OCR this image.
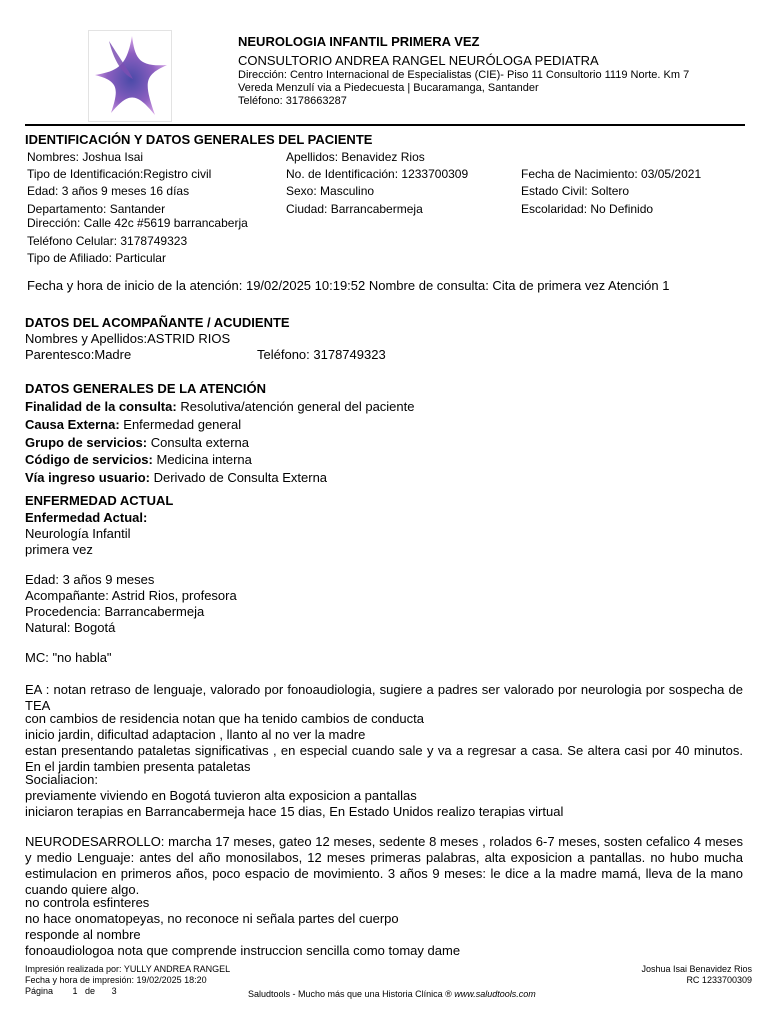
NEUROLOGIA INFANTIL PRIMERA VEZ
CONSULTORIO ANDREA RANGEL NEURÓLOGA PEDIATRA
Dirección: Centro Internacional de Especialistas (CIE)- Piso 11 Consultorio 1119 Norte. Km 7
Vereda Menzulí via a Piedecuesta | Bucaramanga, Santander
Teléfono: 3178663287
IDENTIFICACIÓN Y DATOS GENERALES DEL PACIENTE
Nombres: Joshua Isai	Apellidos: Benavidez Rios
Tipo de Identificación:Registro civil	No. de Identificación: 1233700309	Fecha de Nacimiento: 03/05/2021
Edad: 3 años 9 meses 16 días	Sexo: Masculino	Estado Civil: Soltero
Departamento: Santander	Ciudad: Barrancabermeja	Escolaridad: No Definido
Dirección: Calle 42c #5619 barrancaberja
Teléfono Celular: 3178749323
Tipo de Afiliado: Particular
Fecha y hora de inicio de la atención: 19/02/2025 10:19:52 Nombre de consulta: Cita de primera vez Atención 1
DATOS DEL ACOMPAÑANTE / ACUDIENTE
Nombres y Apellidos:ASTRID RIOS
Parentesco:Madre	Teléfono: 3178749323
DATOS GENERALES DE LA ATENCIÓN
Finalidad de la consulta: Resolutiva/atención general del paciente
Causa Externa: Enfermedad general
Grupo de servicios: Consulta externa
Código de servicios: Medicina interna
Vía ingreso usuario: Derivado de Consulta Externa
ENFERMEDAD ACTUAL
Enfermedad Actual:
Neurología Infantil
primera vez
Edad: 3 años 9 meses
Acompañante: Astrid Rios, profesora
Procedencia: Barrancabermeja
Natural: Bogotá
MC: "no habla"
EA : notan retraso de lenguaje, valorado por fonoaudiologia, sugiere a padres ser valorado por neurologia por sospecha de TEA
con cambios de residencia notan que ha tenido cambios de conducta
inicio jardin, dificultad adaptacion , llanto al no ver la madre
estan presentando pataletas significativas , en especial cuando sale y va a regresar a casa. Se altera casi por 40 minutos. En el jardin tambien presenta pataletas
Socialiacion:
previamente viviendo en Bogotá tuvieron alta exposicion a pantallas
iniciaron terapias en Barrancabermeja hace 15 dias, En Estado Unidos realizo terapias virtual
NEURODESARROLLO: marcha 17 meses, gateo 12 meses, sedente 8 meses , rolados 6-7 meses, sosten cefalico 4 meses y medio Lenguaje: antes del año monosilabos, 12 meses primeras palabras, alta exposicion a pantallas. no hubo mucha estimulacion en primeros años, poco espacio de movimiento. 3 años 9 meses: le dice a la madre mamá, lleva de la mano cuando quiere algo.
no controla esfinteres
no hace onomatopeyas, no reconoce ni señala partes del cuerpo
responde al nombre
fonoaudiologoa nota que comprende instruccion sencilla como tomay dame
Impresión realizada por: YULLY ANDREA RANGEL
Fecha y hora de impresión: 19/02/2025 18:20
Página 1 de 3
Joshua Isai Benavidez Rios
RC 1233700309
Saludtools - Mucho más que una Historia Clínica ® www.saludtools.com
